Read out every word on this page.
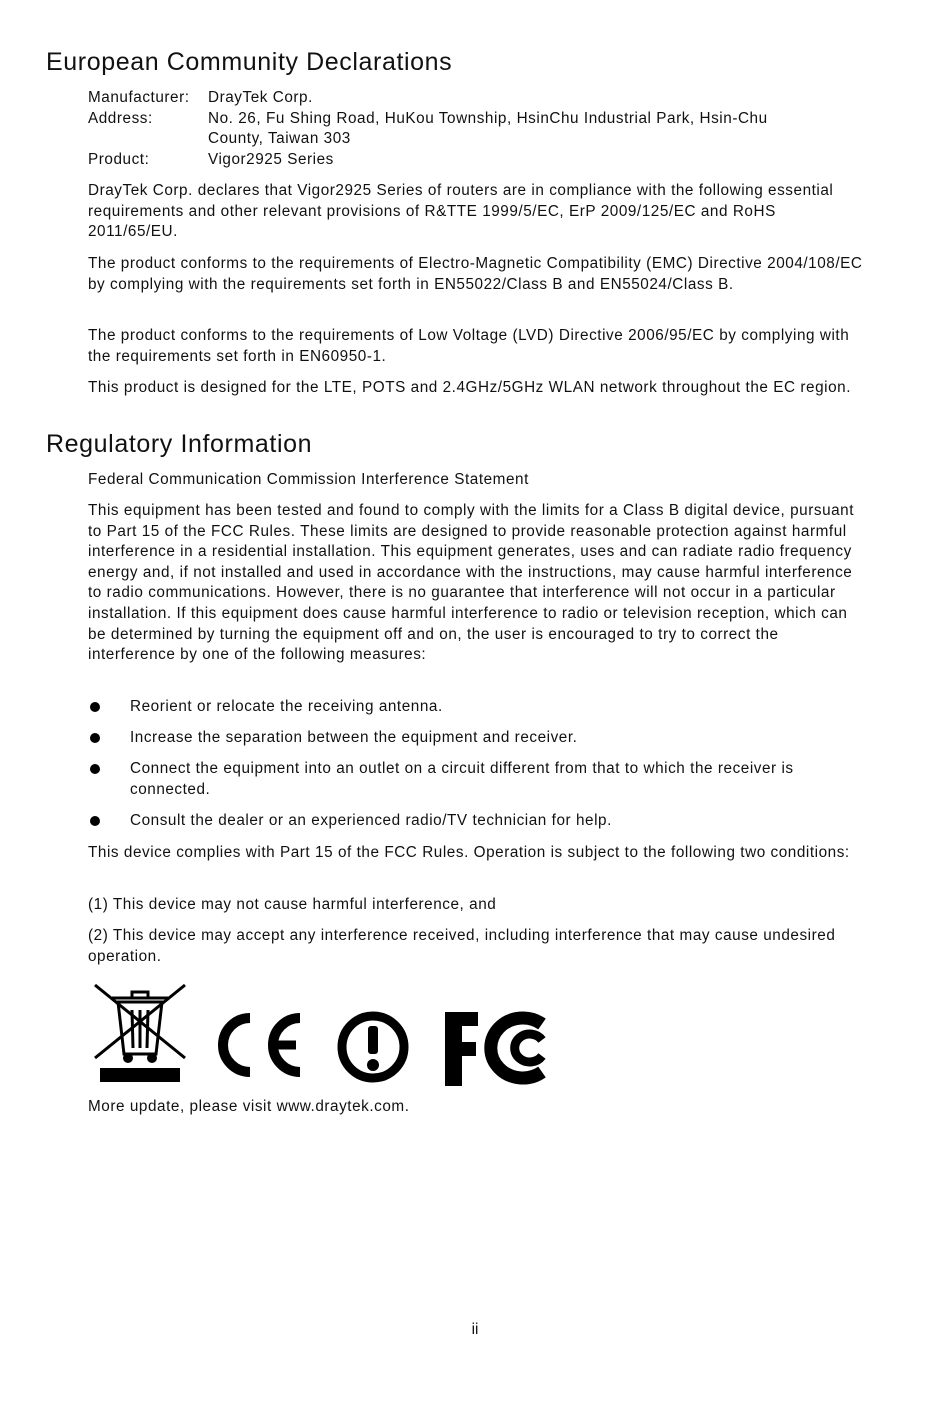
European Community Declarations
Manufacturer:	DrayTek Corp.
Address:	No. 26, Fu Shing Road, HuKou Township, HsinChu Industrial Park, Hsin-Chu County, Taiwan 303
Product:	Vigor2925 Series

DrayTek Corp. declares that Vigor2925 Series of routers are in compliance with the following essential requirements and other relevant provisions of R&TTE 1999/5/EC, ErP 2009/125/EC and RoHS 2011/65/EU.

The product conforms to the requirements of Electro-Magnetic Compatibility (EMC) Directive 2004/108/EC by complying with the requirements set forth in EN55022/Class B and EN55024/Class B.

The product conforms to the requirements of Low Voltage (LVD) Directive 2006/95/EC by complying with the requirements set forth in EN60950-1.

This product is designed for the LTE, POTS and 2.4GHz/5GHz WLAN network throughout the EC region.

Regulatory Information

Federal Communication Commission Interference Statement

This equipment has been tested and found to comply with the limits for a Class B digital device, pursuant to Part 15 of the FCC Rules. These limits are designed to provide reasonable protection against harmful interference in a residential installation. This equipment generates, uses and can radiate radio frequency energy and, if not installed and used in accordance with the instructions, may cause harmful interference to radio communications. However, there is no guarantee that interference will not occur in a particular installation. If this equipment does cause harmful interference to radio or television reception, which can be determined by turning the equipment off and on, the user is encouraged to try to correct the interference by one of the following measures:

Reorient or relocate the receiving antenna.
Increase the separation between the equipment and receiver.
Connect the equipment into an outlet on a circuit different from that to which the receiver is connected.
Consult the dealer or an experienced radio/TV technician for help.

This device complies with Part 15 of the FCC Rules. Operation is subject to the following two conditions:

(1) This device may not cause harmful interference, and

(2) This device may accept any interference received, including interference that may cause undesired operation.

More update, please visit www.draytek.com.

ii
